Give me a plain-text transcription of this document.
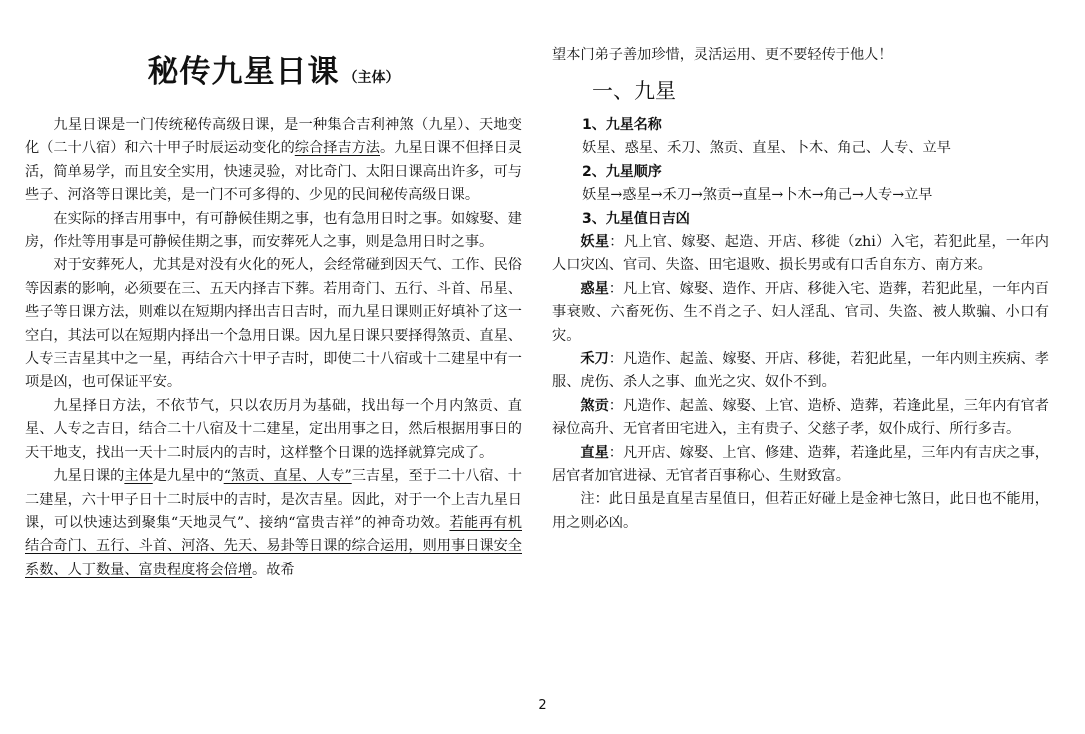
秘传九星日课 （主体）

九星日课是一门传统秘传高级日课，是一种集合吉利神煞（九星）、天地变化（二十八宿）和六十甲子时辰运动变化的综合择吉方法。九星日课不但择日灵活，简单易学，而且安全实用，快速灵验，对比奇门、太阳日课高出许多，可与些子、河洛等日课比美，是一门不可多得的、少见的民间秘传高级日课。

在实际的择吉用事中，有可静候佳期之事，也有急用日时之事。如嫁娶、建房，作灶等用事是可静候佳期之事，而安葬死人之事，则是急用日时之事。

对于安葬死人，尤其是对没有火化的死人，会经常碰到因天气、工作、民俗等因素的影响，必须要在三、五天内择吉下葬。若用奇门、五行、斗首、吊星、些子等日课方法，则难以在短期内择出吉日吉时，而九星日课则正好填补了这一空白，其法可以在短期内择出一个急用日课。因九星日课只要择得煞贡、直星、人专三吉星其中之一星，再结合六十甲子吉时，即使二十八宿或十二建星中有一项是凶，也可保证平安。

九星择日方法，不依节气，只以农历月为基础，找出每一个月内煞贡、直星、人专之吉日，结合二十八宿及十二建星，定出用事之日，然后根据用事日的天干地支，找出一天十二时辰内的吉时，这样整个日课的选择就算完成了。

九星日课的主体是九星中的“煞贡、直星、人专”三吉星，至于二十八宿、十二建星，六十甲子日十二时辰中的吉时，是次吉星。因此，对于一个上吉九星日课，可以快速达到聚集“天地灵气”、接纳“富贵吉祥”的神奇功效。若能再有机结合奇门、五行、斗首、河洛、先天、易卦等日课的综合运用，则用事日课安全系数、人丁数量、富贵程度将会倍增。故希

望本门弟子善加珍惜，灵活运用、更不要轻传于他人！

一、九星

1、九星名称

妖星、惑星、禾刀、煞贡、直星、卜木、角己、人专、立早

2、九星顺序

妖星→惑星→禾刀→煞贡→直星→卜木→角己→人专→立早

3、九星值日吉凶

妖星：凡上官、嫁娶、起造、开店、移徙（zhi）入宅，若犯此星，一年内人口灾凶、官司、失盗、田宅退败、损长男或有口舌自东方、南方来。

惑星：凡上官、嫁娶、造作、开店、移徙入宅、造葬，若犯此星，一年内百事衰败、六畜死伤、生不肖之子、妇人淫乱、官司、失盗、被人欺骗、小口有灾。

禾刀：凡造作、起盖、嫁娶、开店、移徙，若犯此星，一年内则主疾病、孝服、虎伤、杀人之事、血光之灾、奴仆不到。

煞贡：凡造作、起盖、嫁娶、上官、造桥、造葬，若逢此星，三年内有官者禄位高升、无官者田宅进入，主有贵子、父慈子孝，奴仆成行、所行多吉。

直星：凡开店、嫁娶、上官、修建、造葬，若逢此星，三年内有吉庆之事，居官者加官进禄、无官者百事称心、生财致富。

注：此日虽是直星吉星值日，但若正好碰上是金神七煞日，此日也不能用，用之则必凶。

2
